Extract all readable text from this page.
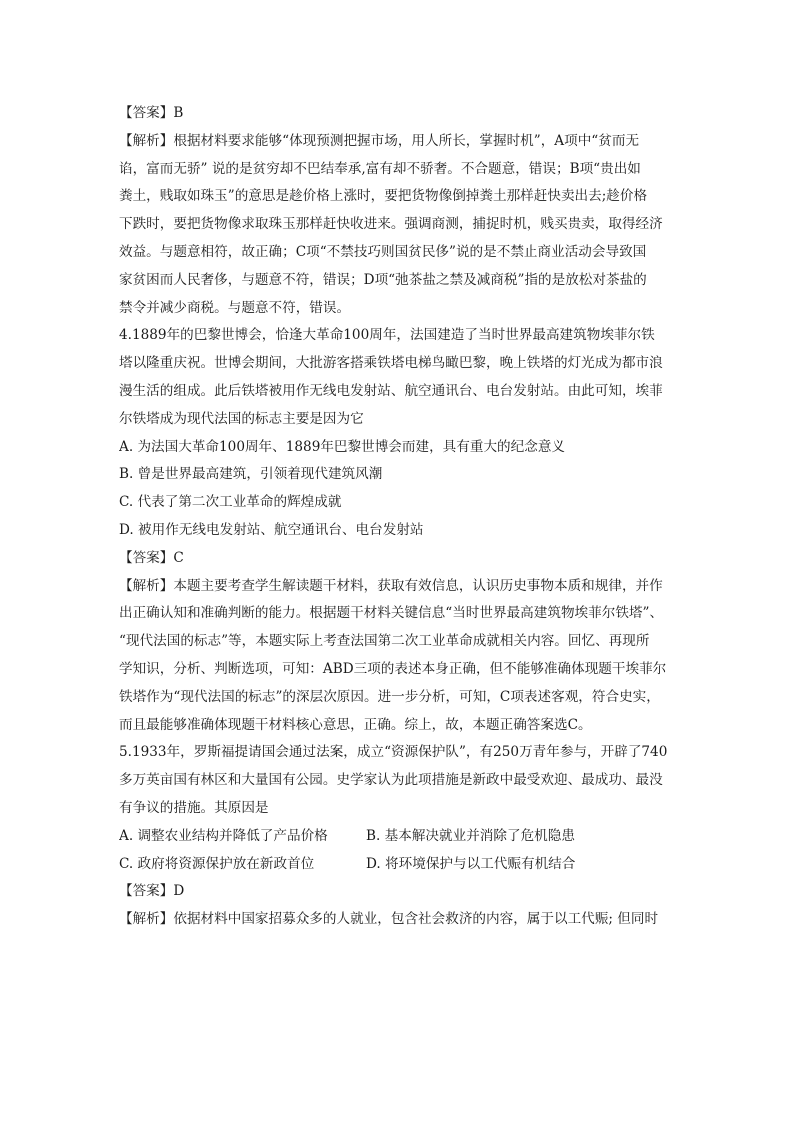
【答案】B
【解析】根据材料要求能够“体现预测把握市场，用人所长，掌握时机”，A项中“贫而无
谄，富而无骄” 说的是贫穷却不巴结奉承,富有却不骄奢。不合题意，错误；B项“贵出如
粪土，贱取如珠玉”的意思是趁价格上涨时，要把货物像倒掉粪土那样赶快卖出去;趁价格
下跌时，要把货物像求取珠玉那样赶快收进来。强调商测，捕捉时机，贱买贵卖，取得经济
效益。与题意相符，故正确；C项“不禁技巧则国贫民侈”说的是不禁止商业活动会导致国
家贫困而人民奢侈，与题意不符，错误；D项“弛茶盐之禁及减商税”指的是放松对茶盐的
禁令并减少商税。与题意不符，错误。
4.1889年的巴黎世博会，恰逢大革命100周年，法国建造了当时世界最高建筑物埃菲尔铁
塔以隆重庆祝。世博会期间，大批游客搭乘铁塔电梯鸟瞰巴黎，晚上铁塔的灯光成为都市浪
漫生活的组成。此后铁塔被用作无线电发射站、航空通讯台、电台发射站。由此可知，埃菲
尔铁塔成为现代法国的标志主要是因为它
A. 为法国大革命100周年、1889年巴黎世博会而建，具有重大的纪念意义
B. 曾是世界最高建筑，引领着现代建筑风潮
C. 代表了第二次工业革命的辉煌成就
D. 被用作无线电发射站、航空通讯台、电台发射站
【答案】C
【解析】本题主要考查学生解读题干材料，获取有效信息，认识历史事物本质和规律，并作
出正确认知和准确判断的能力。根据题干材料关键信息“当时世界最高建筑物埃菲尔铁塔”、
“现代法国的标志”等，本题实际上考查法国第二次工业革命成就相关内容。回忆、再现所
学知识，分析、判断选项，可知：ABD三项的表述本身正确，但不能够准确体现题干埃菲尔
铁塔作为“现代法国的标志”的深层次原因。进一步分析，可知，C项表述客观，符合史实，
而且最能够准确体现题干材料核心意思，正确。综上，故，本题正确答案选C。
5.1933年，罗斯福提请国会通过法案，成立“资源保护队”，有250万青年参与，开辟了740
多万英亩国有林区和大量国有公园。史学家认为此项措施是新政中最受欢迎、最成功、最没
有争议的措施。其原因是
A. 调整农业结构并降低了产品价格	B. 基本解决就业并消除了危机隐患
C. 政府将资源保护放在新政首位	D. 将环境保护与以工代赈有机结合
【答案】D
【解析】依据材料中国家招募众多的人就业，包含社会救济的内容，属于以工代赈; 但同时
